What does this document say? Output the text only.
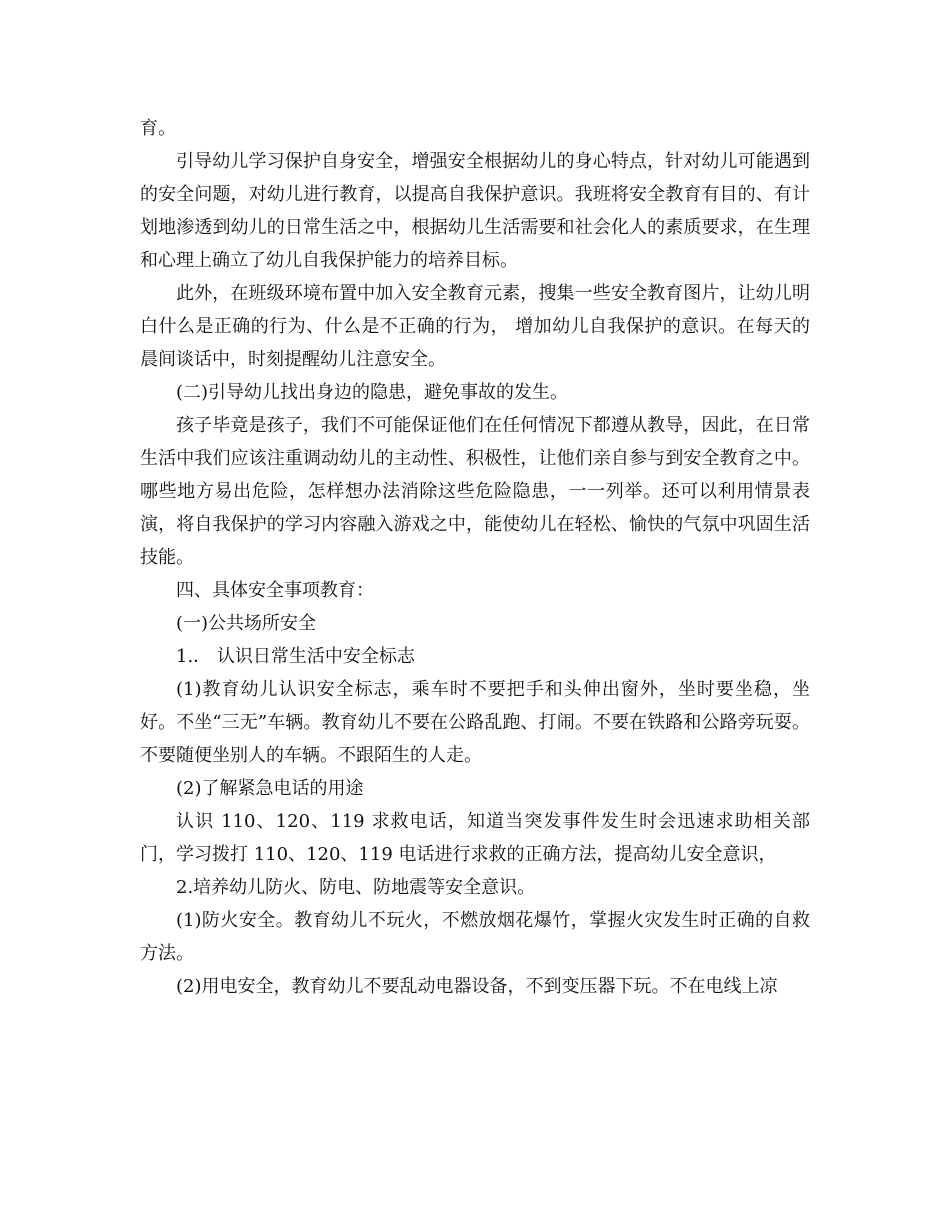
育。

引导幼儿学习保护自身安全，增强安全根据幼儿的身心特点，针对幼儿可能遇到的安全问题，对幼儿进行教育，以提高自我保护意识。我班将安全教育有目的、有计划地渗透到幼儿的日常生活之中，根据幼儿生活需要和社会化人的素质要求，在生理和心理上确立了幼儿自我保护能力的培养目标。

此外，在班级环境布置中加入安全教育元素，搜集一些安全教育图片，让幼儿明白什么是正确的行为、什么是不正确的行为， 增加幼儿自我保护的意识。在每天的晨间谈话中，时刻提醒幼儿注意安全。

(二)引导幼儿找出身边的隐患，避免事故的发生。

孩子毕竟是孩子，我们不可能保证他们在任何情况下都遵从教导，因此，在日常生活中我们应该注重调动幼儿的主动性、积极性，让他们亲自参与到安全教育之中。哪些地方易出危险，怎样想办法消除这些危险隐患，一一列举。还可以利用情景表演，将自我保护的学习内容融入游戏之中，能使幼儿在轻松、愉快的气氛中巩固生活技能。

四、具体安全事项教育：

(一)公共场所安全

1.． 认识日常生活中安全标志

(1)教育幼儿认识安全标志，乘车时不要把手和头伸出窗外，坐时要坐稳，坐好。不坐“三无”车辆。教育幼儿不要在公路乱跑、打闹。不要在铁路和公路旁玩耍。不要随便坐别人的车辆。不跟陌生的人走。

(2)了解紧急电话的用途

认识 110、120、119 求救电话，知道当突发事件发生时会迅速求助相关部门，学习拨打 110、120、119 电话进行求救的正确方法，提高幼儿安全意识，

2.培养幼儿防火、防电、防地震等安全意识。

(1)防火安全。教育幼儿不玩火，不燃放烟花爆竹，掌握火灾发生时正确的自救方法。

(2)用电安全，教育幼儿不要乱动电器设备，不到变压器下玩。不在电线上凉
